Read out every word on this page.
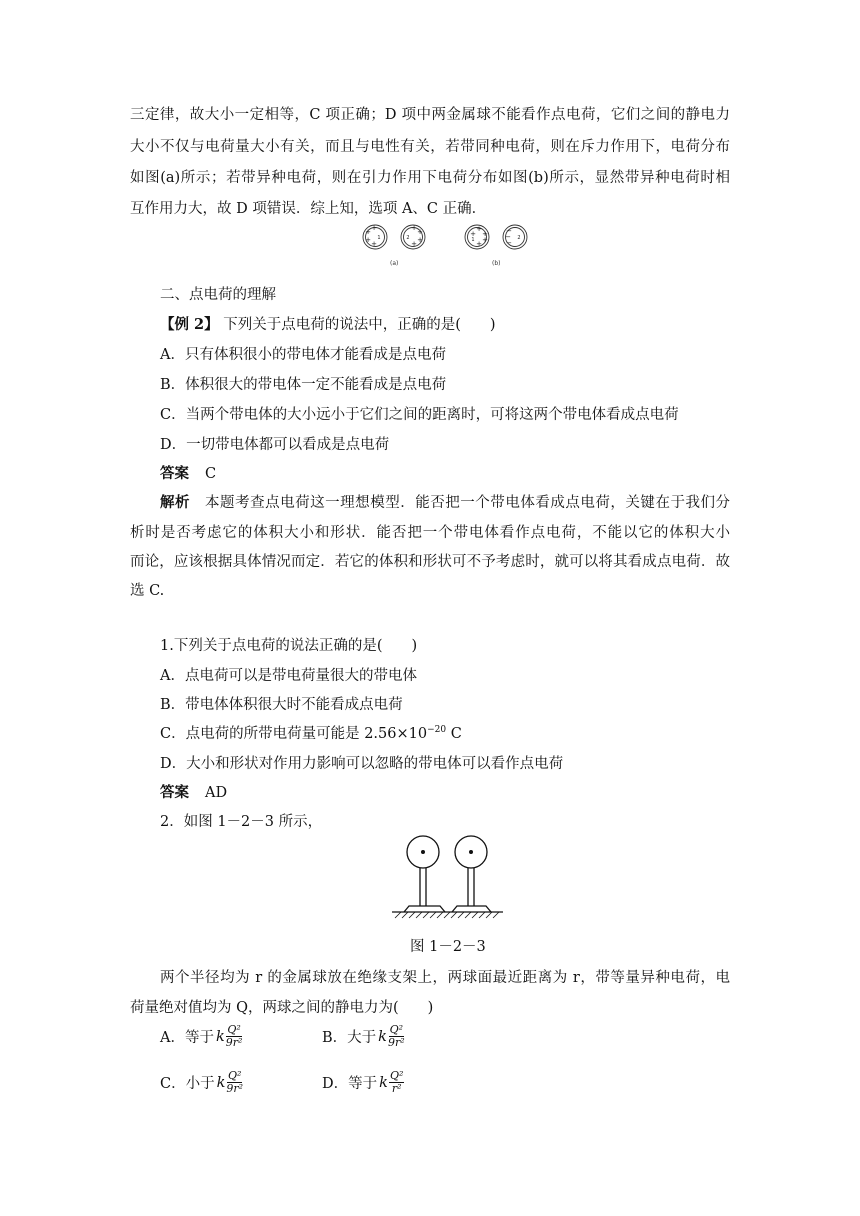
三定律，故大小一定相等，C 项正确；D 项中两金属球不能看作点电荷，它们之间的静电力
大小不仅与电荷量大小有关，而且与电性有关，若带同种电荷，则在斥力作用下，电荷分布
如图(a)所示；若带异种电荷，则在引力作用下电荷分布如图(b)所示，显然带异种电荷时相
互作用力大，故 D 项错误．综上知，选项 A、C 正确．
+ +
+ +
+
+
+
+
+
+
+ +
+	−
−
−
1	2	1	2
(a)	(b)
二、点电荷的理解
【例 2】 下列关于点电荷的说法中，正确的是(　　)
A．只有体积很小的带电体才能看成是点电荷
B．体积很大的带电体一定不能看成是点电荷
C．当两个带电体的大小远小于它们之间的距离时，可将这两个带电体看成点电荷
D．一切带电体都可以看成是点电荷
答案 C
解析　 本题考查点电荷这一理想模型．能否把一个带电体看成点电荷，关键在于我们分
析时是否考虑它的体积大小和形状．能否把一个带电体看作点电荷，不能以它的体积大小
而论，应该根据具体情况而定．若它的体积和形状可不予考虑时，就可以将其看成点电荷．故
选 C.
1.下列关于点电荷的说法正确的是(　　)
A．点电荷可以是带电荷量很大的带电体
B．带电体体积很大时不能看成点电荷
C．点电荷的所带电荷量可能是 $2.56\times 10^{-20}$ C
D．大小和形状对作用力影响可以忽略的带电体可以看作点电荷
答案 AD
2．如图 1－2－3 所示，
图 1－2－3
两个半径均为 r 的金属球放在绝缘支架上，两球面最近距离为 r，带等量异种电荷，电
荷量绝对值均为 Q，两球之间的静电力为(　　)
A．等于 k $\frac{\text{Q²}}{\text{9r²}}$	B．大于 k $\frac{\text{Q²}}{\text{9r²}}$
C．小于 k $\frac{\text{Q²}}{\text{9r²}}$	D．等于 k $\frac{\text{Q²}}{\text{r²}}$
